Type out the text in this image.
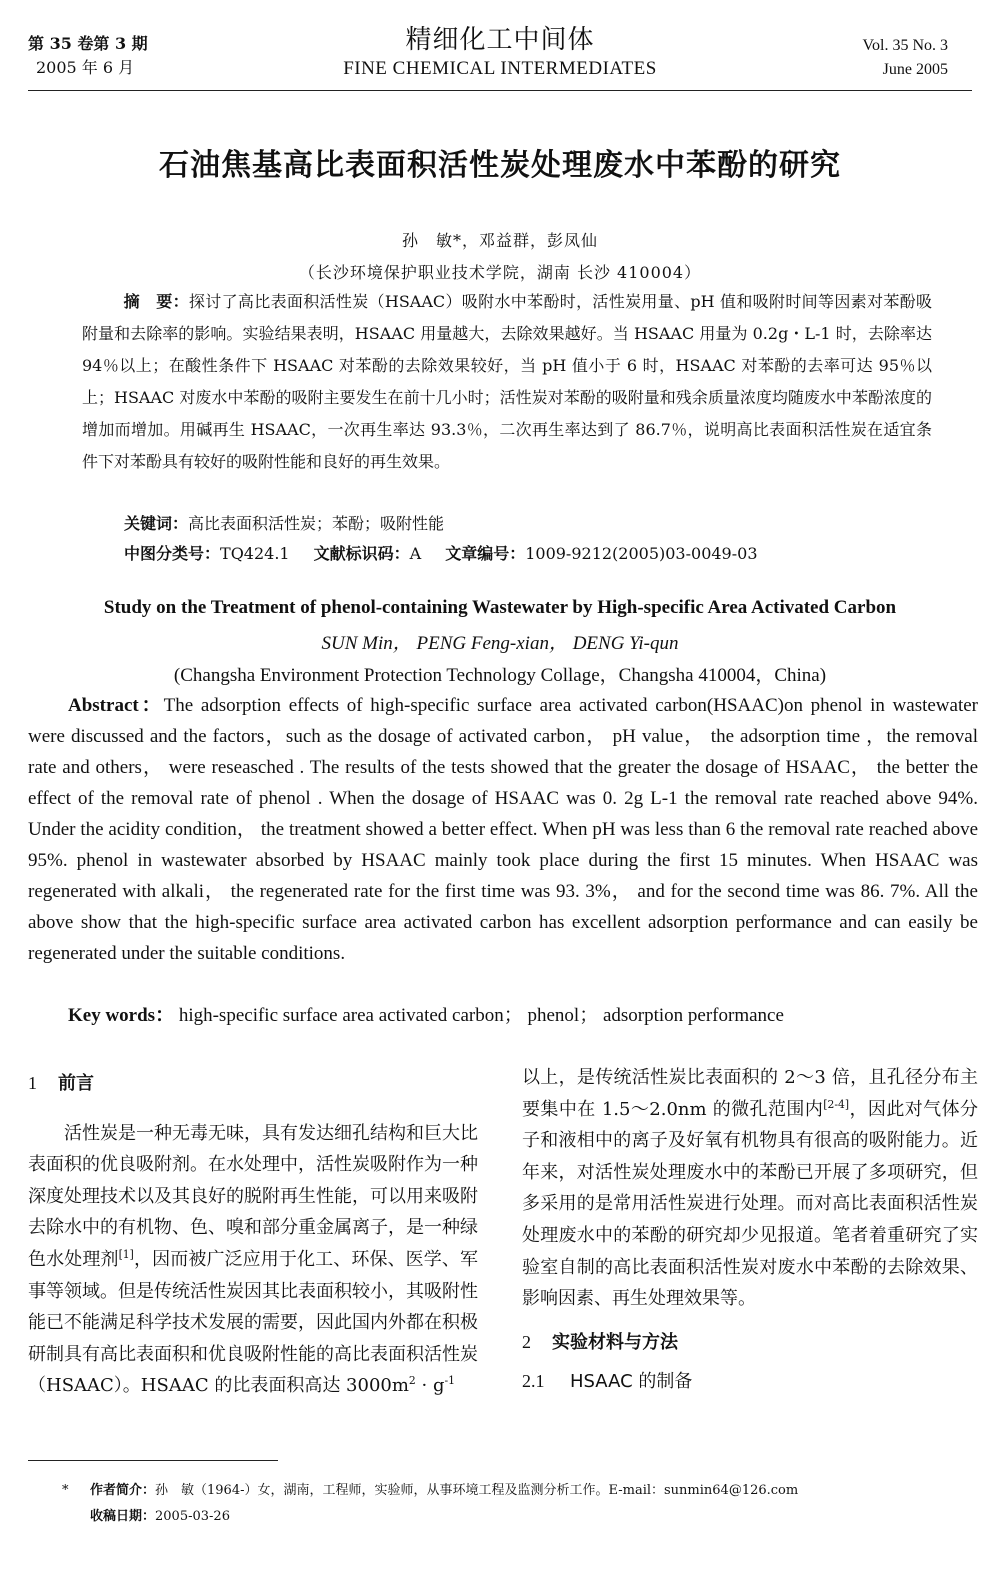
第 35 卷第 3 期
2005 年 6 月
精细化工中间体
FINE CHEMICAL INTERMEDIATES
Vol. 35 No. 3
June 2005
石油焦基高比表面积活性炭处理废水中苯酚的研究
孙　敏*，邓益群，彭凤仙
（长沙环境保护职业技术学院，湖南 长沙 410004）
摘　要：探讨了高比表面积活性炭（HSAAC）吸附水中苯酚时，活性炭用量、pH 值和吸附时间等因素对苯酚吸附量和去除率的影响。实验结果表明，HSAAC 用量越大，去除效果越好。当 HSAAC 用量为 0.2g・L-1 时，去除率达 94％以上；在酸性条件下 HSAAC 对苯酚的去除效果较好，当 pH 值小于 6 时，HSAAC 对苯酚的去率可达 95％以上；HSAAC 对废水中苯酚的吸附主要发生在前十几小时；活性炭对苯酚的吸附量和残余质量浓度均随废水中苯酚浓度的增加而增加。用碱再生 HSAAC，一次再生率达 93.3％，二次再生率达到了 86.7％，说明高比表面积活性炭在适宜条件下对苯酚具有较好的吸附性能和良好的再生效果。
关键词：高比表面积活性炭；苯酚；吸附性能
中图分类号：TQ424.1 文献标识码：A 文章编号：1009-9212(2005)03-0049-03
Study on the Treatment of phenol-containing Wastewater by High-specific Area Activated Carbon
SUN Min， PENG Feng-xian， DENG Yi-qun
(Changsha Environment Protection Technology Collage，Changsha 410004，China)
Abstract：The adsorption effects of high-specific surface area activated carbon(HSAAC)on phenol in wastewater were discussed and the factors，such as the dosage of activated carbon， pH value， the adsorption time ，the removal rate and others， were reseasched . The results of the tests showed that the greater the dosage of HSAAC， the better the effect of the removal rate of phenol . When the dosage of HSAAC was 0. 2g L-1 the removal rate reached above 94%. Under the acidity condition， the treatment showed a better effect. When pH was less than 6 the removal rate reached above 95%. phenol in wastewater absorbed by HSAAC mainly took place during the first 15 minutes. When HSAAC was regenerated with alkali， the regenerated rate for the first time was 93. 3%， and for the second time was 86. 7%. All the above show that the high-specific surface area activated carbon has excellent adsorption performance and can easily be regenerated under the suitable conditions.
Key words： high-specific surface area activated carbon； phenol； adsorption performance
1 前言
活性炭是一种无毒无味，具有发达细孔结构和巨大比表面积的优良吸附剂。在水处理中，活性炭吸附作为一种深度处理技术以及其良好的脱附再生性能，可以用来吸附去除水中的有机物、色、嗅和部分重金属离子，是一种绿色水处理剂[1]，因而被广泛应用于化工、环保、医学、军事等领域。但是传统活性炭因其比表面积较小，其吸附性能已不能满足科学技术发展的需要，因此国内外都在积极研制具有高比表面积和优良吸附性能的高比表面积活性炭（HSAAC）。HSAAC 的比表面积高达 $3000m^2 \cdot g^{-1}$
以上，是传统活性炭比表面积的 2～3 倍，且孔径分布主要集中在 1.5～2.0nm 的微孔范围内[2-4]，因此对气体分子和液相中的离子及好氧有机物具有很高的吸附能力。近年来，对活性炭处理废水中的苯酚已开展了多项研究，但多采用的是常用活性炭进行处理。而对高比表面积活性炭处理废水中的苯酚的研究却少见报道。笔者着重研究了实验室自制的高比表面积活性炭对废水中苯酚的去除效果、影响因素、再生处理效果等。
2 实验材料与方法
2.1 HSAAC 的制备
* 作者简介：孙　敏（1964-）女，湖南，工程师，实验师，从事环境工程及监测分析工作。E-mail：sunmin64@126.com
收稿日期：2005-03-26
